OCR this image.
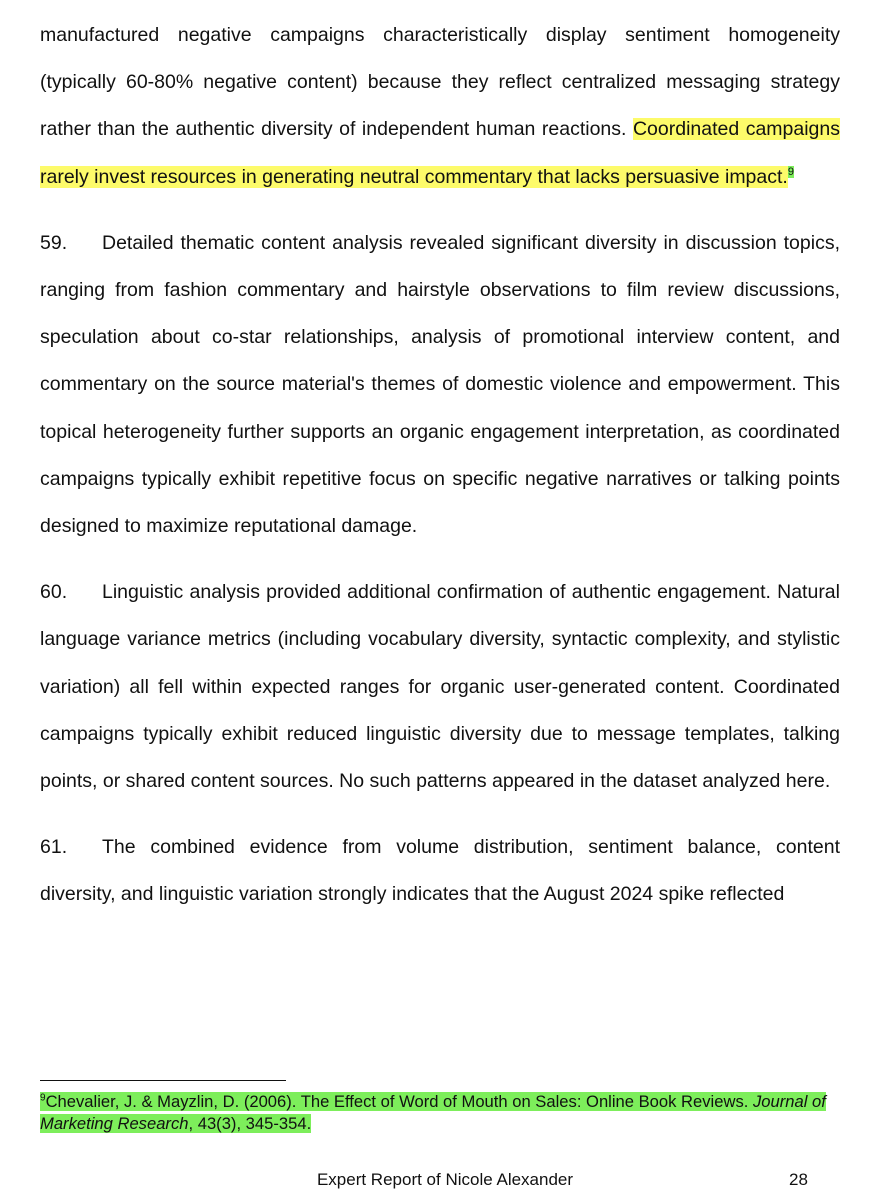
manufactured negative campaigns characteristically display sentiment homogeneity (typically 60-80% negative content) because they reflect centralized messaging strategy rather than the authentic diversity of independent human reactions. Coordinated campaigns rarely invest resources in generating neutral commentary that lacks persuasive impact.$^9$

59. Detailed thematic content analysis revealed significant diversity in discussion topics, ranging from fashion commentary and hairstyle observations to film review discussions, speculation about co-star relationships, analysis of promotional interview content, and commentary on the source material's themes of domestic violence and empowerment. This topical heterogeneity further supports an organic engagement interpretation, as coordinated campaigns typically exhibit repetitive focus on specific negative narratives or talking points designed to maximize reputational damage.

60. Linguistic analysis provided additional confirmation of authentic engagement. Natural language variance metrics (including vocabulary diversity, syntactic complexity, and stylistic variation) all fell within expected ranges for organic user-generated content. Coordinated campaigns typically exhibit reduced linguistic diversity due to message templates, talking points, or shared content sources. No such patterns appeared in the dataset analyzed here.

61. The combined evidence from volume distribution, sentiment balance, content diversity, and linguistic variation strongly indicates that the August 2024 spike reflected

$^9$Chevalier, J. & Mayzlin, D. (2006). The Effect of Word of Mouth on Sales: Online Book Reviews. Journal of Marketing Research, 43(3), 345-354.

Expert Report of Nicole Alexander	28
